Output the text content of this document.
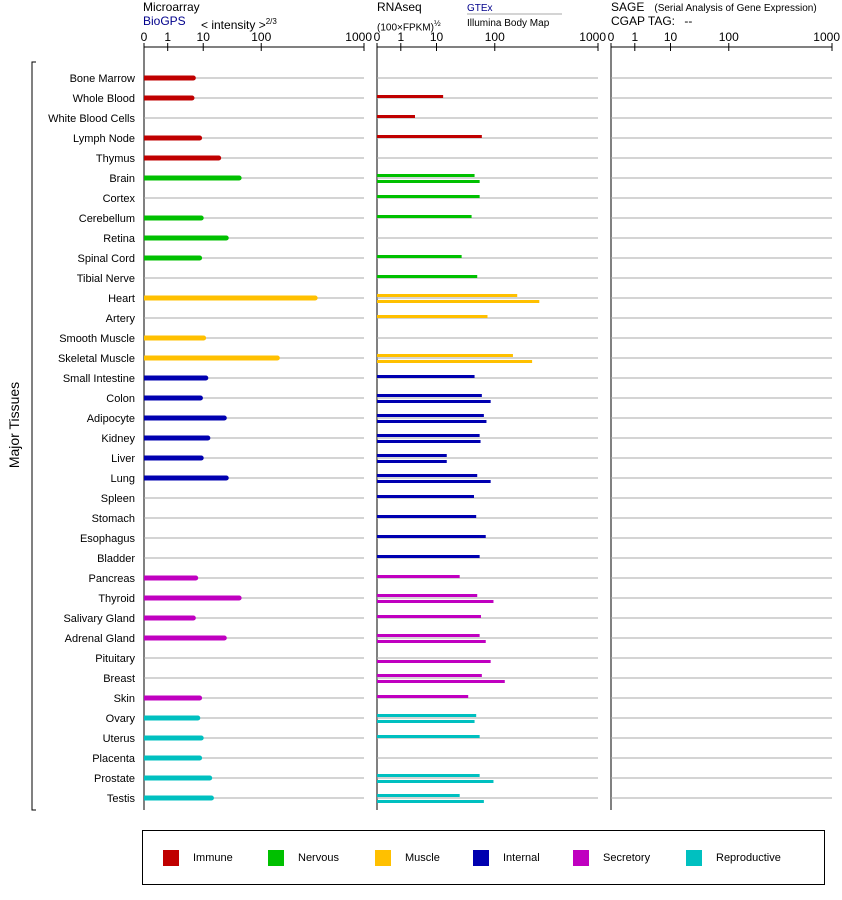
0 1 10	100	1000 0 1 10	100	1000 0 1 10	100	1000
Bone Marrow
Whole Blood
White Blood Cells
Lymph Node
Thymus
Brain
Cortex
Cerebellum
Retina
Spinal Cord
Tibial Nerve
Heart
Artery
Smooth Muscle
Skeletal Muscle
Small Intestine
Colon
Adipocyte
Kidney
Liver
Lung
Spleen
Stomach
Esophagus
Bladder
Pancreas
Thyroid
Salivary Gland
Adrenal Gland
Pituitary
Breast
Skin
Ovary
Uterus
Placenta
Prostate
Testis
Microarray
BioGPS < intensity >$^{2/3}$
RNAseq	GTEx
(100×FPKM)$^{\frac{1}{2}}$	Illumina Body Map
SAGE (Serial Analysis of Gene Expression)
CGAP TAG: --
Major Tissues
Immune	Nervous	Muscle	Internal	Secretory	Reproductive
